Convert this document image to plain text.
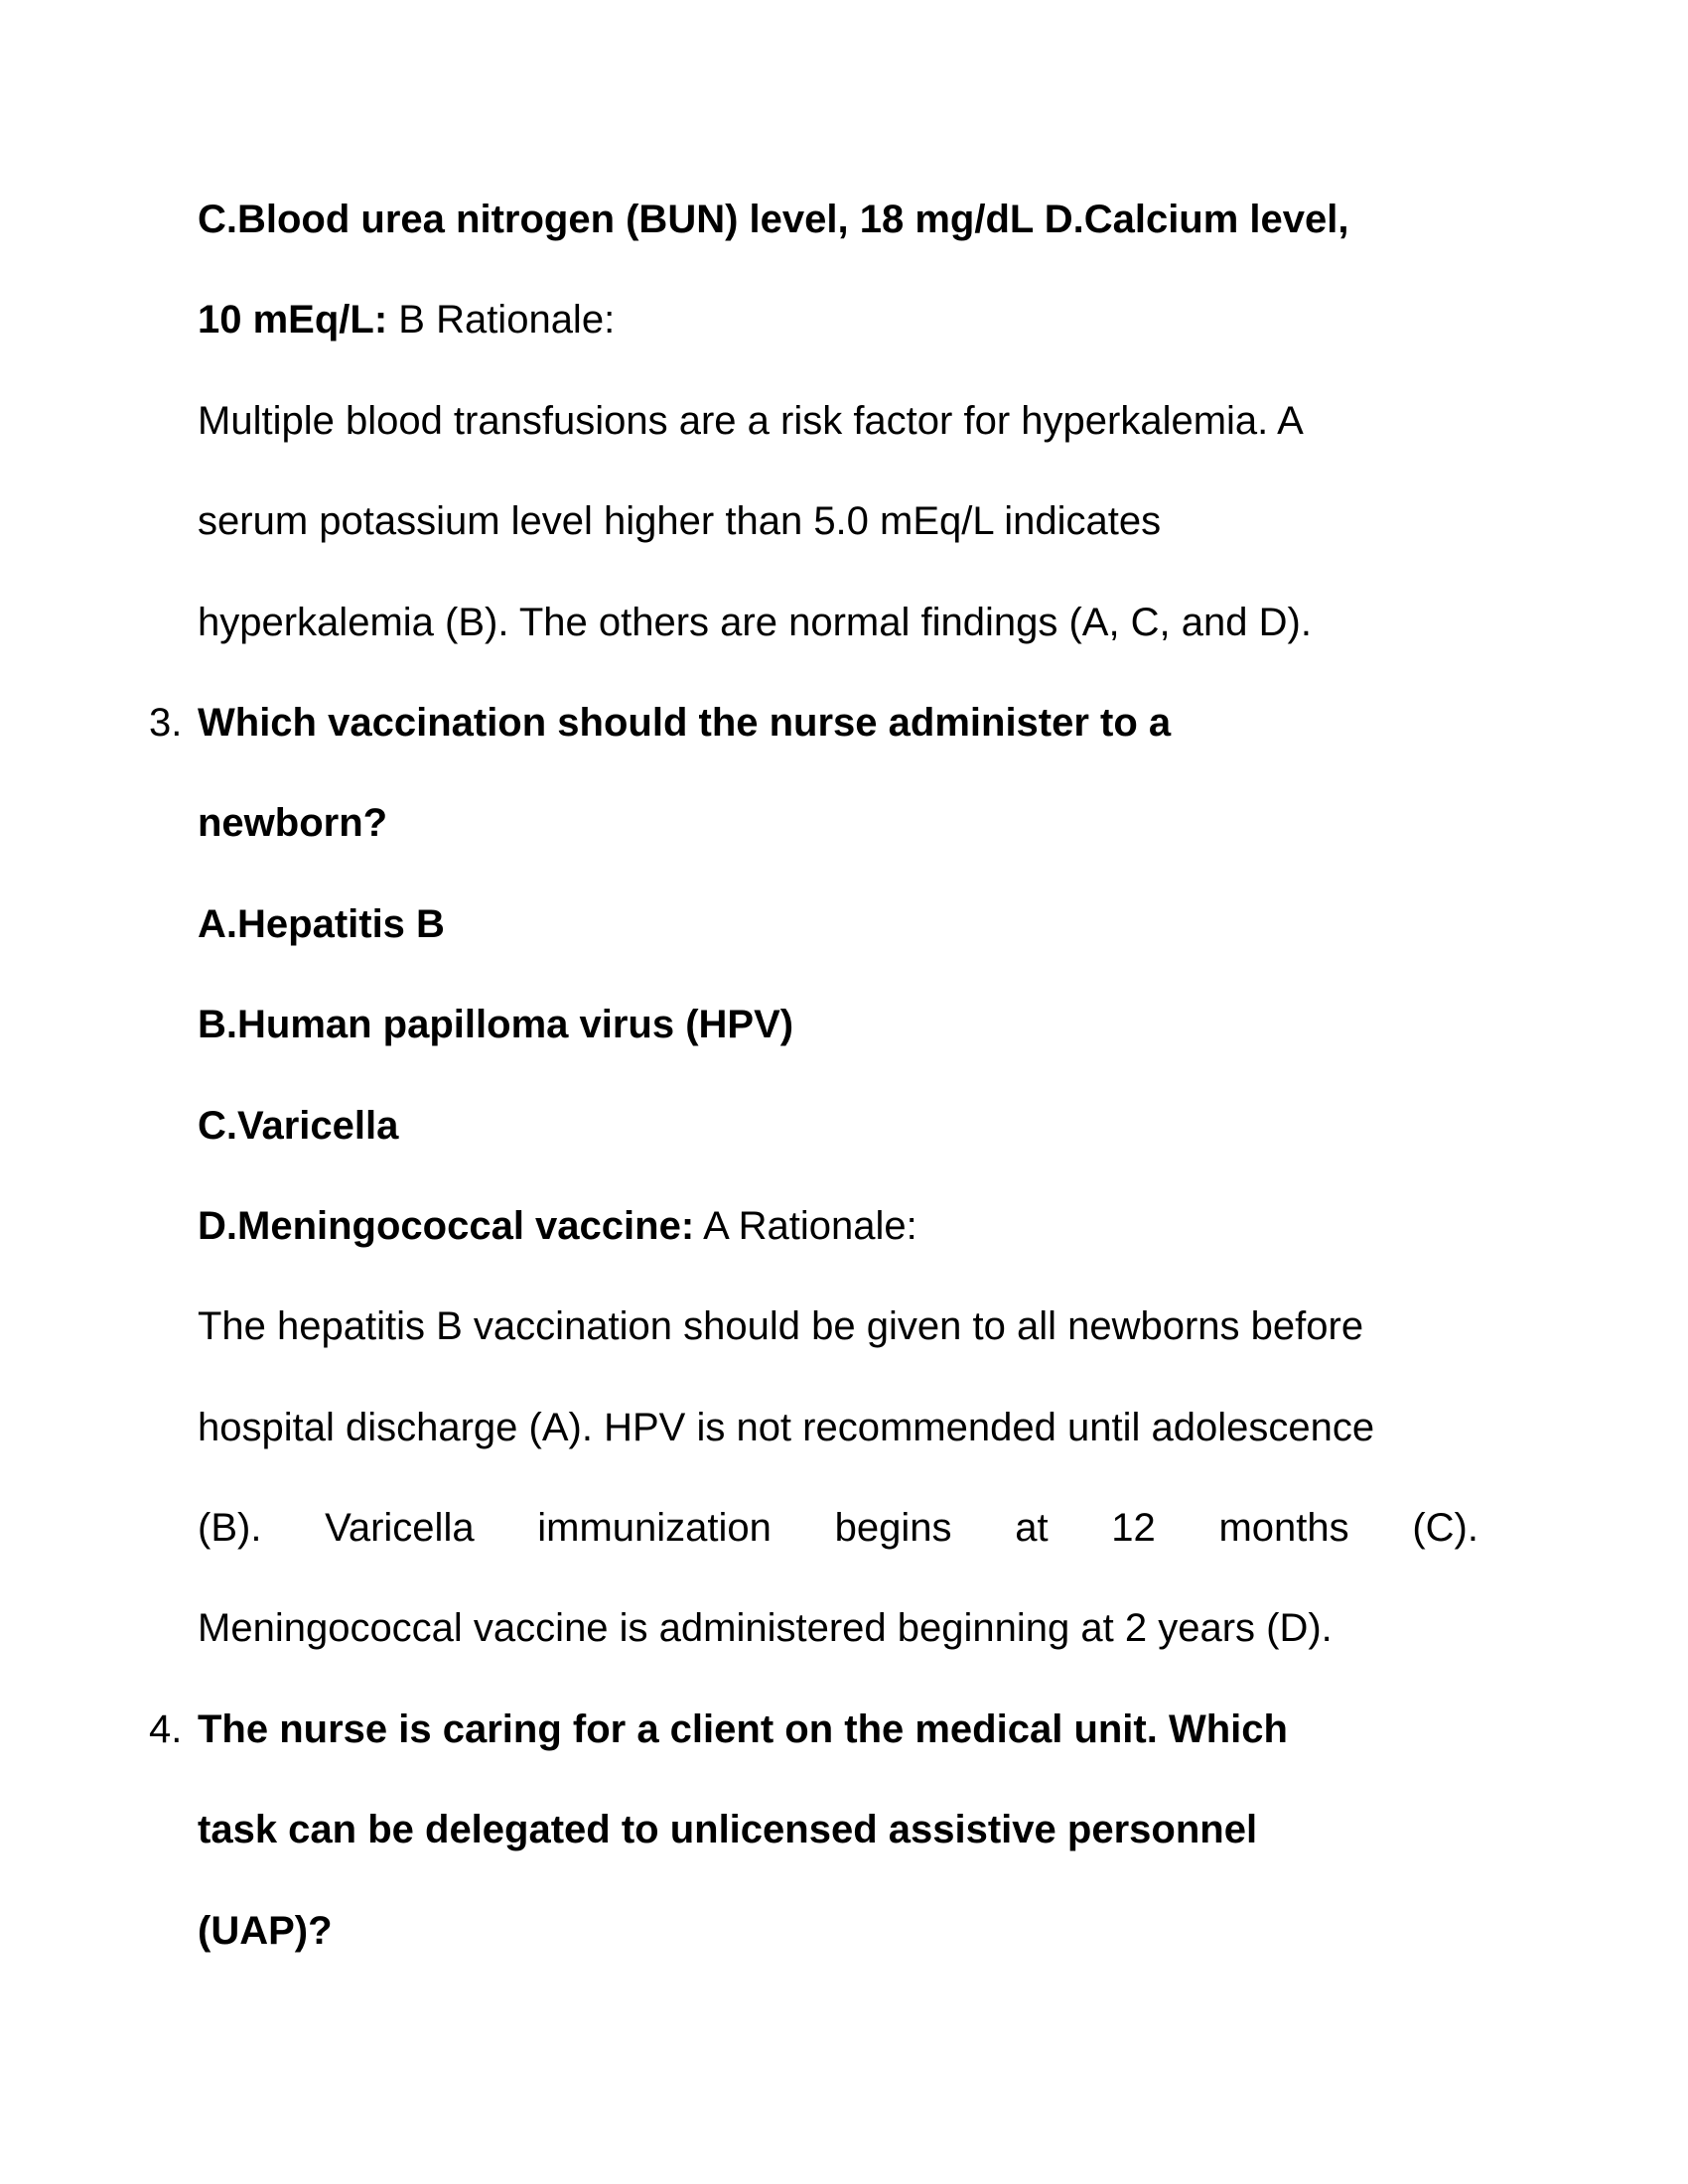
C.Blood urea nitrogen (BUN) level, 18 mg/dL D.Calcium level,
10 mEq/L: B Rationale:
Multiple blood transfusions are a risk factor for hyperkalemia. A
serum potassium level higher than 5.0 mEq/L indicates
hyperkalemia (B). The others are normal findings (A, C, and D).
3. Which vaccination should the nurse administer to a
newborn?
A.Hepatitis B
B.Human papilloma virus (HPV)
C.Varicella
D.Meningococcal vaccine: A Rationale:
The hepatitis B vaccination should be given to all newborns before
hospital discharge (A). HPV is not recommended until adolescence
(B). Varicella immunization begins at 12 months (C).
Meningococcal vaccine is administered beginning at 2 years (D).
4. The nurse is caring for a client on the medical unit. Which
task can be delegated to unlicensed assistive personnel
(UAP)?
